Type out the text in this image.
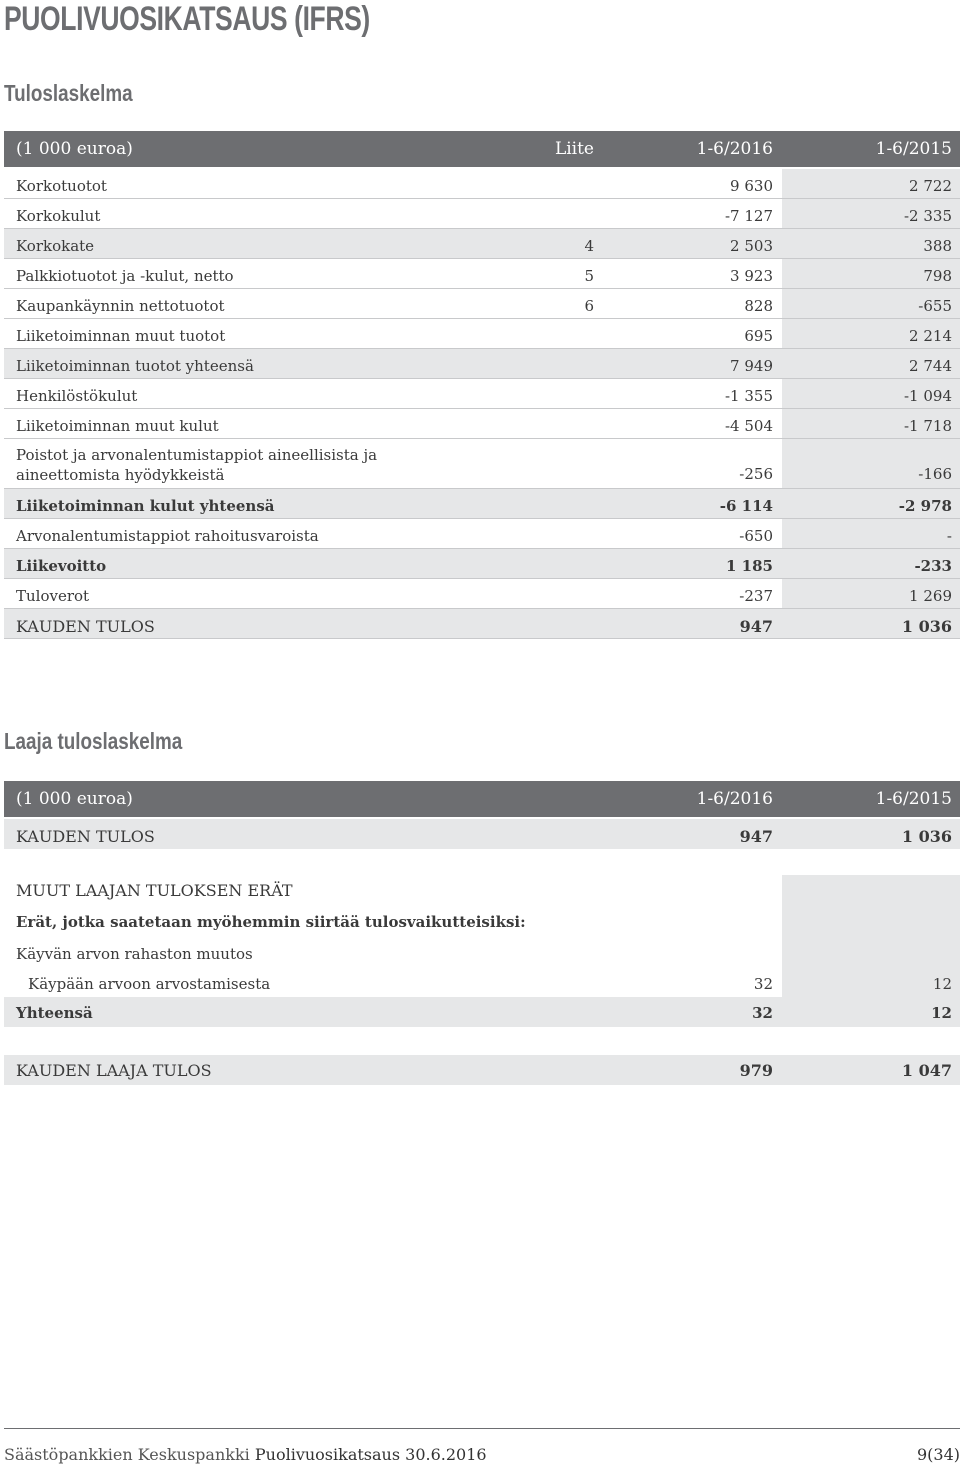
PUOLIVUOSIKATSAUS (IFRS)
Tuloslaskelma
(1 000 euroa)	Liite	1-6/2016	1-6/2015
Korkotuotot	9 630	2 722
Korkokulut	-7 127	-2 335
Korkokate	4	2 503	388
Palkkiotuotot ja -kulut, netto	5	3 923	798
Kaupankäynnin nettotuotot	6	828	-655
Liiketoiminnan muut tuotot	695	2 214
Liiketoiminnan tuotot yhteensä	7 949	2 744
Henkilöstökulut	-1 355	-1 094
Liiketoiminnan muut kulut	-4 504	-1 718
Poistot ja arvonalentumistappiot aineellisista ja
aineettomista hyödykkeistä	-256	-166
Liiketoiminnan kulut yhteensä	-6 114	-2 978
Arvonalentumistappiot rahoitusvaroista	-650	-
Liikevoitto	1 185	-233
Tuloverot	-237	1 269
KAUDEN TULOS	947	1 036
Laaja tuloslaskelma
(1 000 euroa)	1-6/2016	1-6/2015
KAUDEN TULOS	947	1 036
MUUT LAAJAN TULOKSEN ERÄT
Erät, jotka saatetaan myöhemmin siirtää tulosvaikutteisiksi:
Käyvän arvon rahaston muutos
Käypään arvoon arvostamisesta	32	12
Yhteensä	32	12
KAUDEN LAAJA TULOS	979	1 047
Säästöpankkien Keskuspankki Puolivuosikatsaus 30.6.2016	9(34)
